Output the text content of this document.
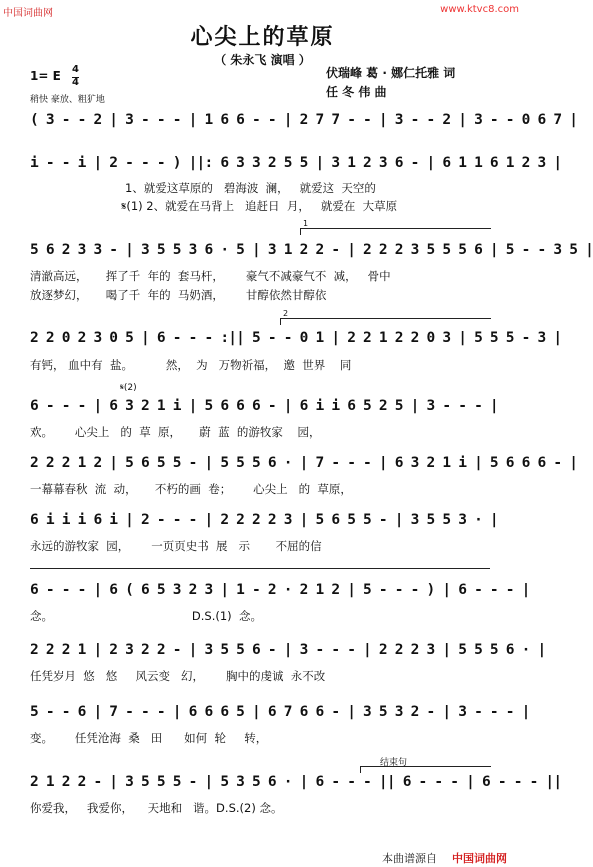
中国词曲网	www.ktvc8.com
心尖上的草原
（ 朱永飞 演唱 ）
1= E 4
4
稍快 豪放、粗犷地
伏瑞峰 葛 · 娜仁托雅 词
任 冬 伟 曲
( 3 - - 2 | 3 - - - | 1 6 6 - - | 2 7 7 - - | 3 - - 2 | 3 - - 0 6 7 |
i - - i | 2 - - - ) ||: 6 3 3 2 5 5 | 3 1 2 3 6 - | 6 1 1 6 1 2 3 |
1、就爱这草原的   碧海波  澜，   就爱这  天空的
𝄋(1) 2、就爱在马背上   追赶日  月，   就爱在  大草原
1
5 6 2 3 3 - | 3 5 5 3 6 · 5 | 3 1 2 2 - | 2 2 2 3 5 5 5 6 | 5 - - 3 5 |
清澈高远，     挥了千  年的  套马杆，      豪气不减豪气不  减，   骨中
放逐梦幻，     喝了千  年的  马奶酒，      甘醇依然甘醇依
2
2 2 0 2 3 0 5 | 6 - - - :|| 5 - - 0 1 | 2 2 1 2 2 0 3 | 5 5 5 - 3 |
有钙， 血中有  盐。         然，  为   万物祈福，  邀  世界    同
𝄋(2)
6 - - - | 6 3 2 1 i | 5 6 6 6 - | 6 i i 6 5 2 5 | 3 - - - |
欢。      心尖上   的  草  原，     蔚  蓝  的游牧家    园，
2 2 2 1 2 | 5 6 5 5 - | 5 5 5 6 · | 7 - - - | 6 3 2 1 i | 5 6 6 6 - |
一幕幕春秋  流  动，     不朽的画  卷；      心尖上   的  草原，
6 i i i 6 i | 2 - - - | 2 2 2 2 3 | 5 6 5 5 - | 3 5 5 3 · |
永远的游牧家  园，      一页页史书  展   示       不屈的信
6 - - - | 6 ( 6 5 3 2 3 | 1 - 2 · 2 1 2 | 5 - - - ) | 6 - - - |
念。                                      D.S.(1)  念。
2 2 2 1 | 2 3 2 2 - | 3 5 5 6 - | 3 - - - | 2 2 2 3 | 5 5 5 6 · |
任凭岁月  悠   悠     风云变   幻，      胸中的虔诚  永不改
5 - - 6 | 7 - - - | 6 6 6 5 | 6 7 6 6 - | 3 5 3 2 - | 3 - - - |
变。      任凭沧海  桑   田      如何  轮     转，
结束句
2 1 2 2 - | 3 5 5 5 - | 5 3 5 6 · | 6 - - - || 6 - - - | 6 - - - ||
你爱我，   我爱你，    天地和   谐。D.S.(2) 念。
本曲谱源自 中国词曲网
